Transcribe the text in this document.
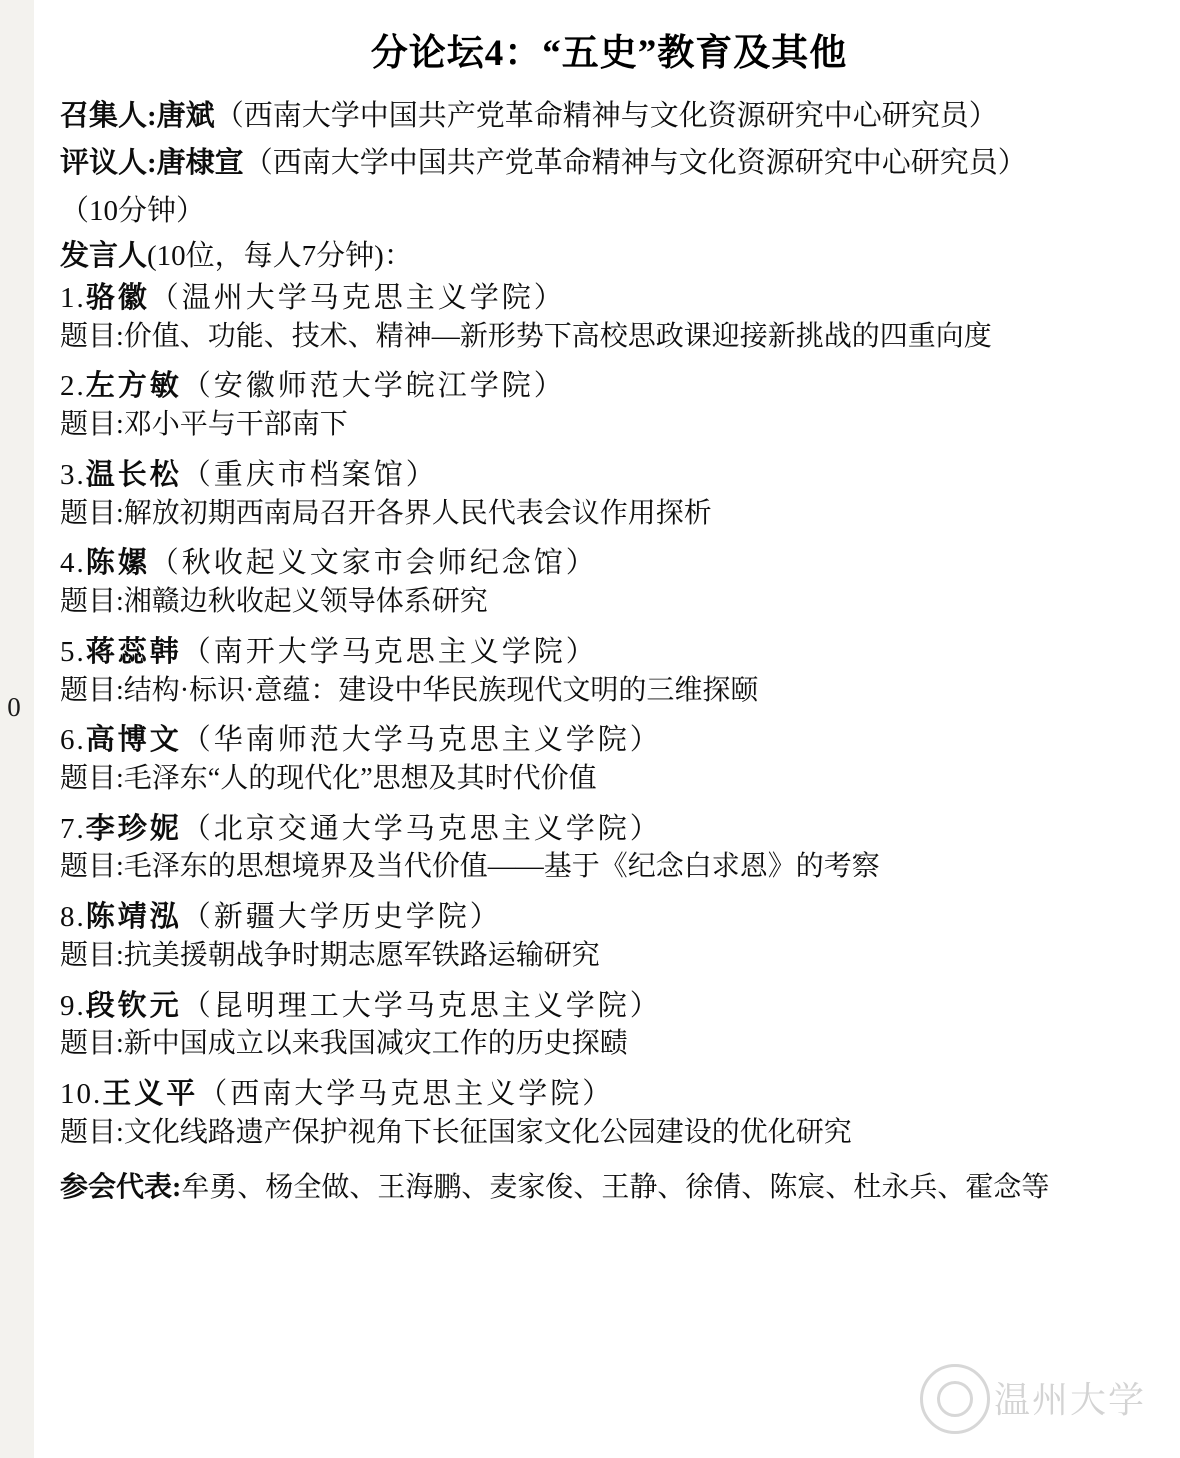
0
分论坛4：“五史”教育及其他
召集人:唐斌（西南大学中国共产党革命精神与文化资源研究中心研究员）
评议人:唐棣宣（西南大学中国共产党革命精神与文化资源研究中心研究员）
（10分钟）
发言人(10位，每人7分钟)：
1.骆徽（温州大学马克思主义学院）
题目:价值、功能、技术、精神—新形势下高校思政课迎接新挑战的四重向度
2.左方敏（安徽师范大学皖江学院）
题目:邓小平与干部南下
3.温长松（重庆市档案馆）
题目:解放初期西南局召开各界人民代表会议作用探析
4.陈嫘（秋收起义文家市会师纪念馆）
题目:湘赣边秋收起义领导体系研究
5.蒋蕊韩（南开大学马克思主义学院）
题目:结构·标识·意蕴：建设中华民族现代文明的三维探颐
6.高博文（华南师范大学马克思主义学院）
题目:毛泽东“人的现代化”思想及其时代价值
7.李珍妮（北京交通大学马克思主义学院）
题目:毛泽东的思想境界及当代价值——基于《纪念白求恩》的考察
8.陈靖泓（新疆大学历史学院）
题目:抗美援朝战争时期志愿军铁路运输研究
9.段钦元（昆明理工大学马克思主义学院）
题目:新中国成立以来我国减灾工作的历史探赜
10.王义平（西南大学马克思主义学院）
题目:文化线路遗产保护视角下长征国家文化公园建设的优化研究
参会代表:牟勇、杨全做、王海鹏、麦家俊、王静、徐倩、陈宸、杜永兵、霍念等
温州大学
